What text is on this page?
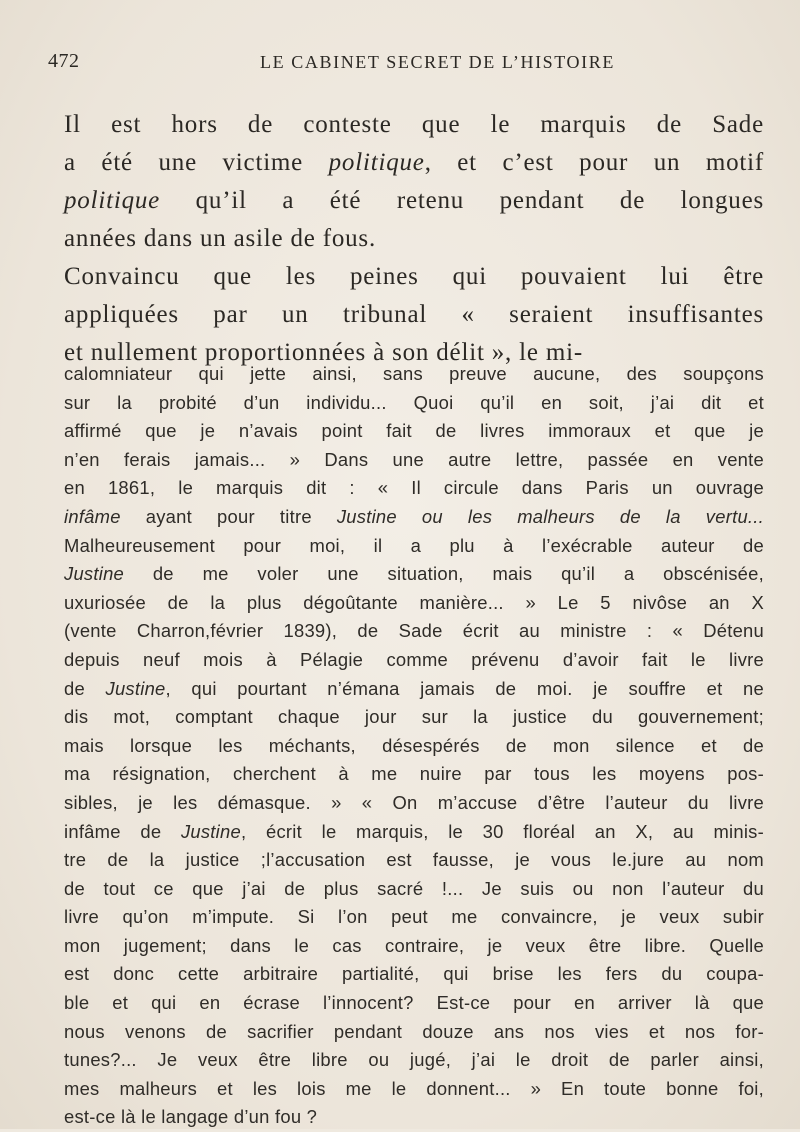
472	LE CABINET SECRET DE L’HISTOIRE
Il est hors de conteste que le marquis de Sade
a été une victime politique, et c’est pour un motif
politique qu’il a été retenu pendant de longues
années dans un asile de fous.
Convaincu que les peines qui pouvaient lui être
appliquées par un tribunal « seraient insuffisantes
et nullement proportionnées à son délit », le mi-
calomniateur qui jette ainsi, sans preuve aucune, des soupçons
sur la probité d’un individu... Quoi qu’il en soit, j’ai dit et
affirmé que je n’avais point fait de livres immoraux et que je
n’en ferais jamais... » Dans une autre lettre, passée en vente
en 1861, le marquis dit : « Il circule dans Paris un ouvrage
infâme ayant pour titre Justine ou les malheurs de la vertu...
Malheureusement pour moi, il a plu à l’exécrable auteur de
Justine de me voler une situation, mais qu’il a obscénisée,
uxuriosée de la plus dégoûtante manière... » Le 5 nivôse an X
(vente Charron,février 1839), de Sade écrit au ministre : « Détenu
depuis neuf mois à Pélagie comme prévenu d’avoir fait le livre
de Justine, qui pourtant n’émana jamais de moi. je souffre et ne
dis mot, comptant chaque jour sur la justice du gouvernement;
mais lorsque les méchants, désespérés de mon silence et de
ma résignation, cherchent à me nuire par tous les moyens pos-
sibles, je les démasque. » « On m’accuse d’être l’auteur du livre
infâme de Justine, écrit le marquis, le 30 floréal an X, au minis-
tre de la justice ;l’accusation est fausse, je vous le.jure au nom
de tout ce que j’ai de plus sacré !... Je suis ou non l’auteur du
livre qu’on m’impute. Si l’on peut me convaincre, je veux subir
mon jugement; dans le cas contraire, je veux être libre. Quelle
est donc cette arbitraire partialité, qui brise les fers du coupa-
ble et qui en écrase l’innocent? Est-ce pour en arriver là que
nous venons de sacrifier pendant douze ans nos vies et nos for-
tunes?... Je veux être libre ou jugé, j’ai le droit de parler ainsi,
mes malheurs et les lois me le donnent... » En toute bonne foi,
est-ce là le langage d’un fou ?
